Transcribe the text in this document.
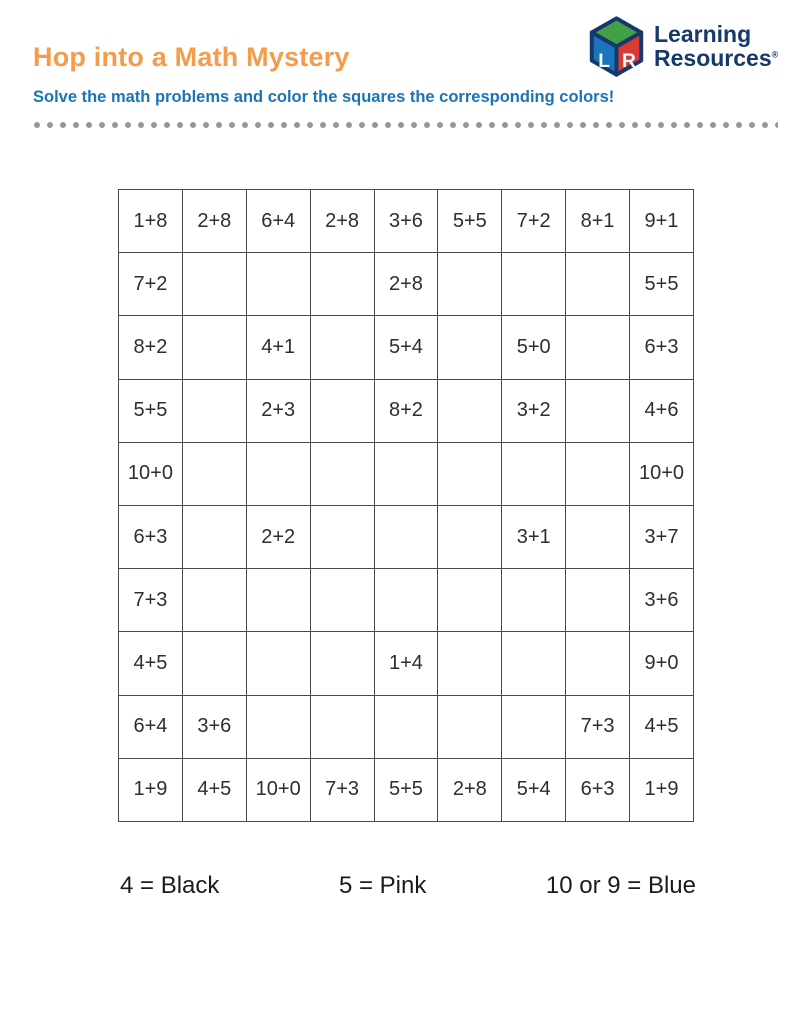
Hop into a Math Mystery
Solve the math problems and color the squares the corresponding colors!
L R
Learning
Resources®
1+8	2+8	6+4	2+8	3+6	5+5	7+2	8+1	9+1
7+2				2+8				5+5
8+2		4+1		5+4		5+0		6+3
5+5		2+3		8+2		3+2		4+6
10+0								10+0
6+3		2+2				3+1		3+7
7+3								3+6
4+5				1+4				9+0
6+4	3+6						7+3	4+5
1+9	4+5	10+0	7+3	5+5	2+8	5+4	6+3	1+9
4 = Black	5 = Pink	10 or 9 = Blue
